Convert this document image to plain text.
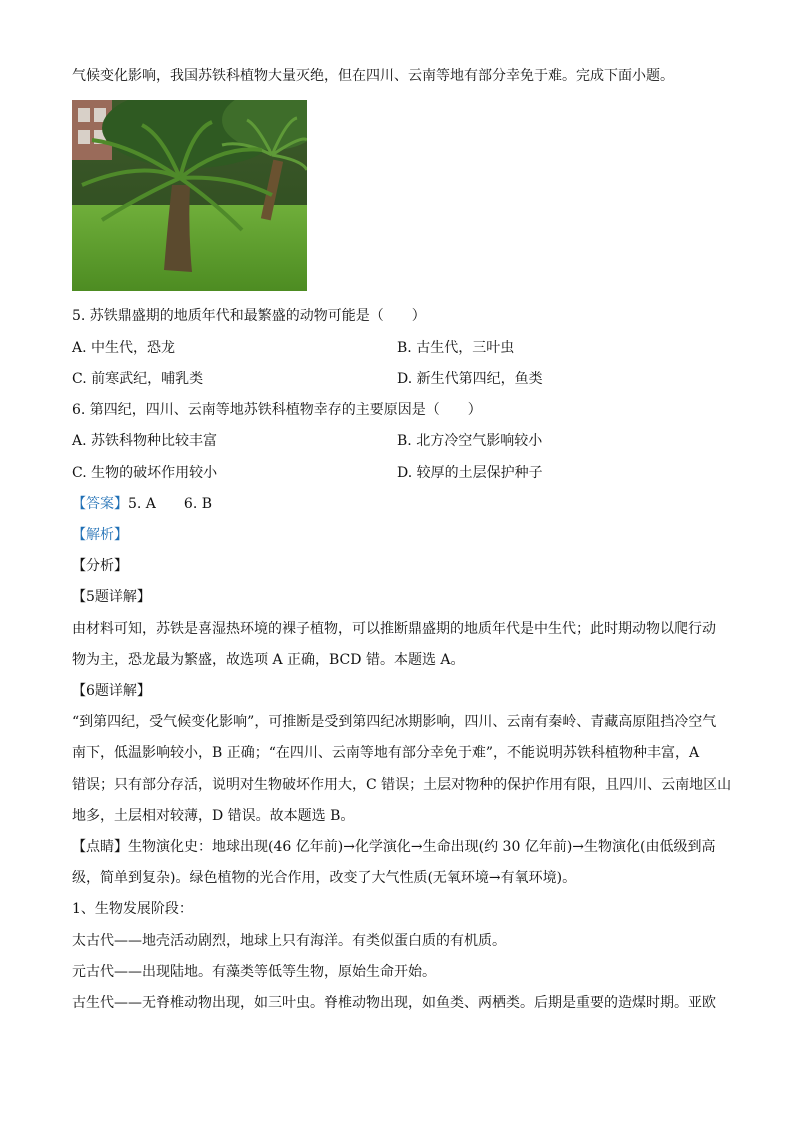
气候变化影响，我国苏铁科植物大量灭绝，但在四川、云南等地有部分幸免于难。完成下面小题。
5. 苏铁鼎盛期的地质年代和最繁盛的动物可能是（　　）
A. 中生代，恐龙	B. 古生代，三叶虫
C. 前寒武纪，哺乳类	D. 新生代第四纪，鱼类
6. 第四纪，四川、云南等地苏铁科植物幸存的主要原因是（　　）
A. 苏铁科物种比较丰富	B. 北方冷空气影响较小
C. 生物的破坏作用较小	D. 较厚的土层保护种子
【答案】5. A　　6. B
【解析】
【分析】
【5题详解】
由材料可知，苏铁是喜湿热环境的裸子植物，可以推断鼎盛期的地质年代是中生代；此时期动物以爬行动
物为主，恐龙最为繁盛，故选项 A 正确，BCD 错。本题选 A。
【6题详解】
“到第四纪，受气候变化影响”，可推断是受到第四纪冰期影响，四川、云南有秦岭、青藏高原阻挡冷空气
南下，低温影响较小，B 正确；“在四川、云南等地有部分幸免于难”，不能说明苏铁科植物种丰富，A
错误；只有部分存活，说明对生物破坏作用大，C 错误；土层对物种的保护作用有限，且四川、云南地区山
地多，土层相对较薄，D 错误。故本题选 B。
【点睛】生物演化史：地球出现(46 亿年前)→化学演化→生命出现(约 30 亿年前)→生物演化(由低级到高
级，简单到复杂)。绿色植物的光合作用，改变了大气性质(无氧环境→有氧环境)。
1、生物发展阶段：
太古代——地壳活动剧烈，地球上只有海洋。有类似蛋白质的有机质。
元古代——出现陆地。有藻类等低等生物，原始生命开始。
古生代——无脊椎动物出现，如三叶虫。脊椎动物出现，如鱼类、两栖类。后期是重要的造煤时期。亚欧
